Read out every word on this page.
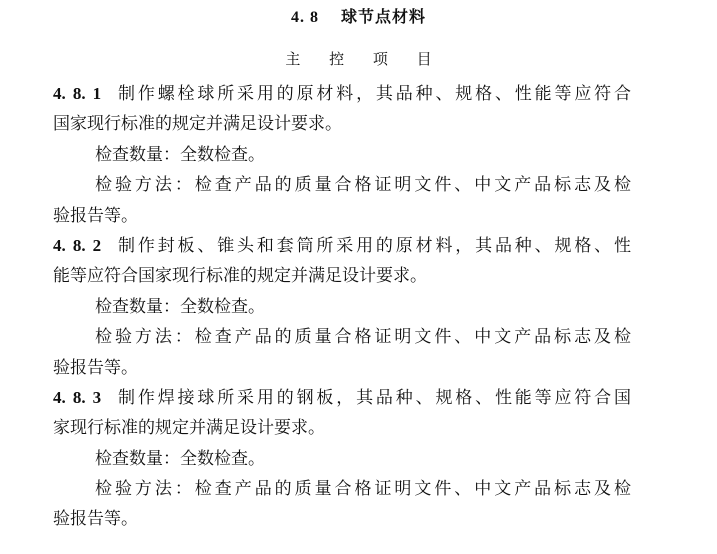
4. 8 球节点材料
主 控 项 目
4. 8. 1 制作螺栓球所采用的原材料，其品种、规格、性能等应符合
国家现行标准的规定并满足设计要求。
检查数量：全数检查。
检验方法：检查产品的质量合格证明文件、中文产品标志及检
验报告等。
4. 8. 2 制作封板、锥头和套筒所采用的原材料，其品种、规格、性
能等应符合国家现行标准的规定并满足设计要求。
检查数量：全数检查。
检验方法：检查产品的质量合格证明文件、中文产品标志及检
验报告等。
4. 8. 3 制作焊接球所采用的钢板，其品种、规格、性能等应符合国
家现行标准的规定并满足设计要求。
检查数量：全数检查。
检验方法：检查产品的质量合格证明文件、中文产品标志及检
验报告等。
